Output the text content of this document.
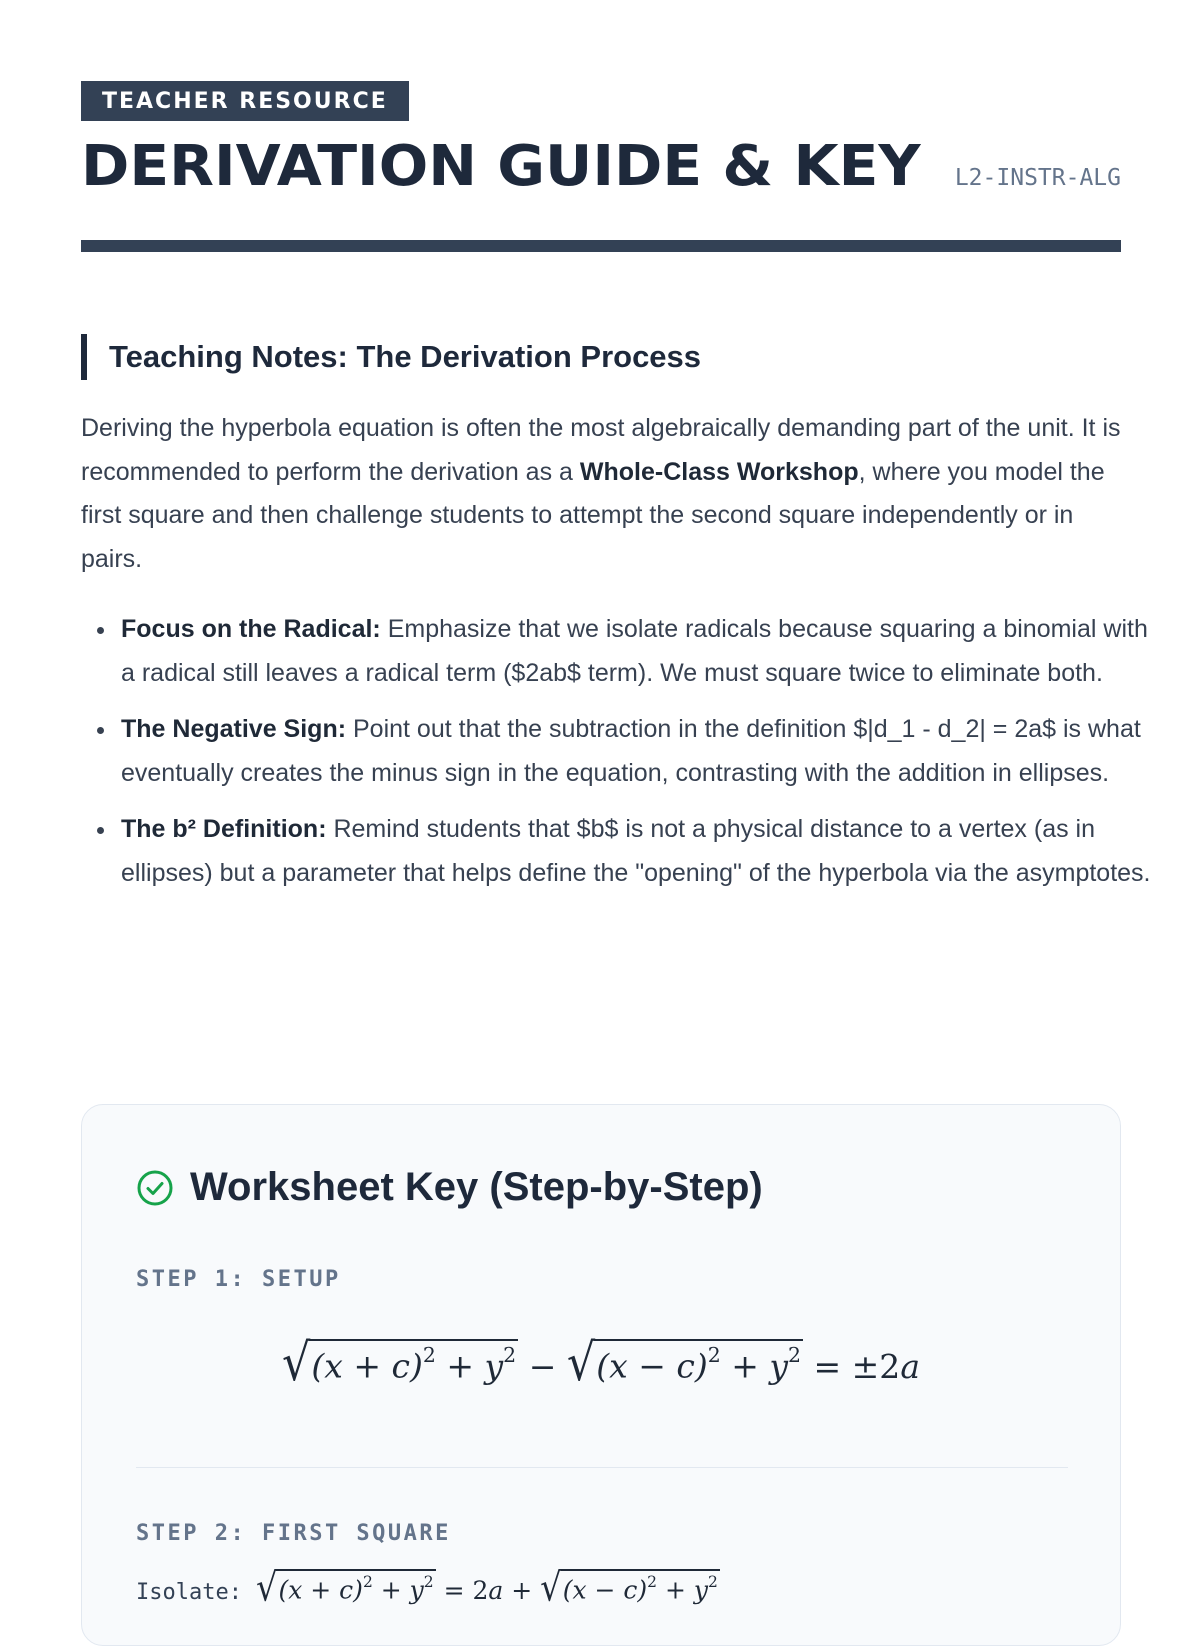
TEACHER RESOURCE
DERIVATION GUIDE & KEY L2-INSTR-ALG
Teaching Notes: The Derivation Process

Deriving the hyperbola equation is often the most algebraically demanding part of the unit. It is recommended to perform the derivation as a Whole-Class Workshop, where you model the first square and then challenge students to attempt the second square independently or in pairs.

Focus on the Radical: Emphasize that we isolate radicals because squaring a binomial with a radical still leaves a radical term ($2ab$ term). We must square twice to eliminate both.
The Negative Sign: Point out that the subtraction in the definition $|d_1 - d_2| = 2a$ is what eventually creates the minus sign in the equation, contrasting with the addition in ellipses.
The b² Definition: Remind students that $b$ is not a physical distance to a vertex (as in ellipses) but a parameter that helps define the "opening" of the hyperbola via the asymptotes.
Worksheet Key (Step-by-Step)
STEP 1: SETUP
√ $(x + c)^2 + y^2$ − √ $(x - c)^2 + y^2 = \pm 2a$
STEP 2: FIRST SQUARE
Isolate: √ $(x + c)^2 + y^2 = 2a$ + √ $(x - c)^2 + y^2$
